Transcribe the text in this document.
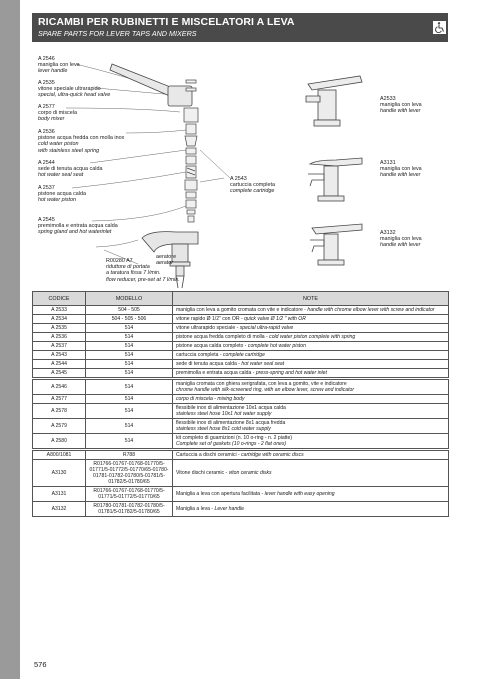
RICAMBI PER RUBINETTI E MISCELATORI A LEVA
SPARE PARTS FOR LEVER TAPS AND MIXERS
A 2546
maniglia con leva
lever handle
A 2535
vitone speciale ultrarapido
special, ultra-quick head valve
A 2577
corpo di miscela
body mixer
A 2536
pistone acqua fredda con molla inox
cold water piston
with stainless steel spring
A 2544
sede di tenuta acqua calda
hot water seal seat
A 2537
pistone acqua calda
hot water piston
A 2545
premimolla e entrata acqua calda
spring gland and hot waterinlet
A 2543
cartuccia completa
complete cartridge
R00280 A7
riduttore di portata
a taratura fissa 7 l/min.
flow reducer, pre-set at 7 l/min.
aeratore
aerator
A2533
maniglia con leva
handle with lever
A3131
maniglia con leva
handle with lever
A3132
maniglia con leva
handle with lever
CODICE	MODELLO	NOTE
A 2533	504 - 505	maniglia con leva a gomito cromata con vite e indicatore - handle with chrome elbow lever with screw and indicator
A 2534	504 - 505 - 506	vitone rapido Ø 1/2" con OR - quick valve Ø 1/2 " with OR
A 2535	514	vitone ultrarapido speciale - special ultra-rapid valve
A 2536	514	pistone acqua fredda completo di molla - cold water piston complete with spring
A 2537	514	pistone acqua calda completo - complete hot water piston
A 2543	514	cartuccia completa - complete cartridge
A 2544	514	sede di tenuta acqua calda - hot water seal seat
A 2545	514	premimolla e entrata acqua calda - press-spring and hot water inlet

A 2546	514	maniglia cromata con ghiera serigrafata, con leva a gomito, vite e indicatore
chrome handle with silk-screened ring, with an elbow lever, screw and indicator
A 2577	514	corpo di miscela - mixing body
A 2578	514	flessibile inox di alimentazione 10x1 acqua calda
stainless steel hose 10x1 hot water supply
A 2579	514	flessibile inox di alimentazione 8x1 acqua fredda
stainless steel hose 8x1 cold water supply
A 2580	514	kit completo di guarnizioni (n. 10 o-ring - n. 2 piatte)
Complete set of gaskets (10 o-rings - 2 flat ones)

A800/1081	R788	Cartuccia a dischi ceramici - cartridge with ceramic discs
A3130	R01766-01767-01768-01770/5-01771/5-01772/5-01770/65-01780-01781-01782-01780/5-01781/5-01782/5-01780/65	Vitone dischi ceramic - viton ceramic disks
A3131	R01766-01767-01768-01770/5-01771/5-01772/5-01770/65	Maniglia a leva con apertura facilitata - lever handle with easy opening
A3132	R01780-01781-01782-01780/5-01781/5-01782/5-01780/65	Maniglia a leva - Lever handle
576
